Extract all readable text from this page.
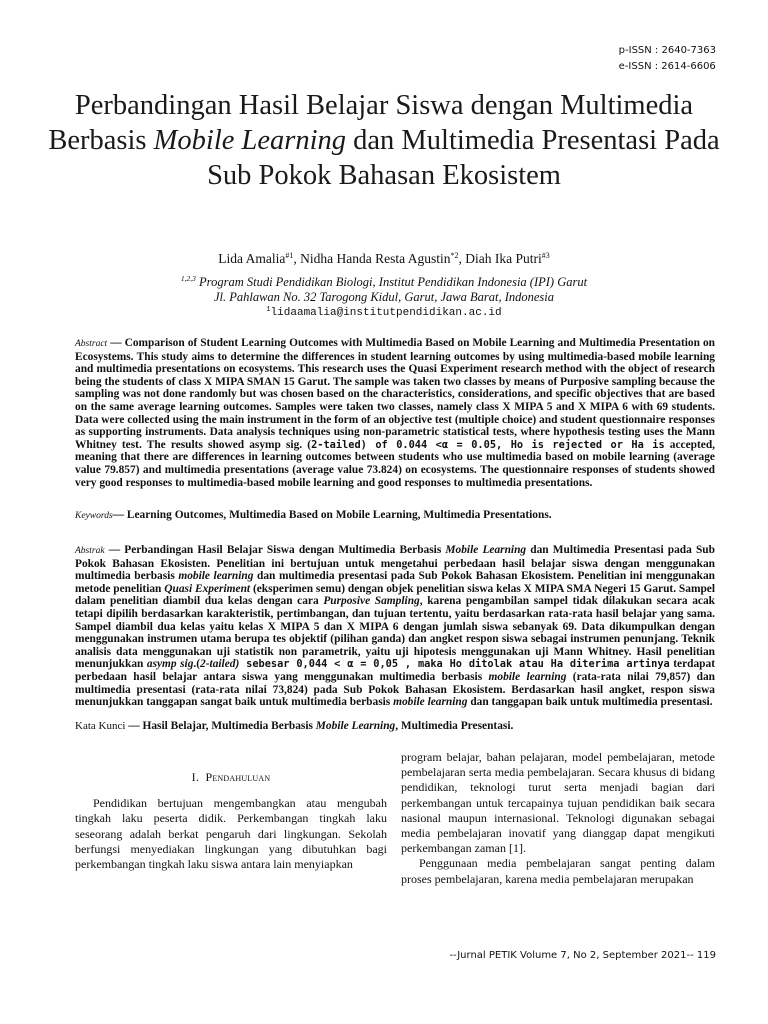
p-ISSN : 2640-7363
e-ISSN : 2614-6606
Perbandingan Hasil Belajar Siswa dengan Multimedia Berbasis Mobile Learning dan Multimedia Presentasi Pada Sub Pokok Bahasan Ekosistem
Lida Amalia$^{\#1}$, Nidha Handa Resta Agustin$^{*2}$, Diah Ika Putri$^{\#3}$
$^{1,2,3}$ Program Studi Pendidikan Biologi, Institut Pendidikan Indonesia (IPI) Garut
Jl. Pahlawan No. 32 Tarogong Kidul, Garut, Jawa Barat, Indonesia
$^1$lidaamalia@institutpendidikan.ac.id
Abstract — Comparison of Student Learning Outcomes with Multimedia Based on Mobile Learning and Multimedia Presentation on Ecosystems. This study aims to determine the differences in student learning outcomes by using multimedia-based mobile learning and multimedia presentations on ecosystems. This research uses the Quasi Experiment research method with the object of research being the students of class X MIPA SMAN 15 Garut. The sample was taken two classes by means of Purposive sampling because the sampling was not done randomly but was chosen based on the characteristics, considerations, and specific objectives that are based on the same average learning outcomes. Samples were taken two classes, namely class X MIPA 5 and X MIPA 6 with 69 students. Data were collected using the main instrument in the form of an objective test (multiple choice) and student questionnaire responses as supporting instruments. Data analysis techniques using non-parametric statistical tests, where hypothesis testing uses the Mann Whitney test. The results showed asymp sig. (2-tailed) of 0.044 <α = 0.05, Ho is rejected or Ha is accepted, meaning that there are differences in learning outcomes between students who use multimedia based on mobile learning (average value 79.857) and multimedia presentations (average value 73.824) on ecosystems. The questionnaire responses of students showed very good responses to multimedia-based mobile learning and good responses to multimedia presentations.
Keywords— Learning Outcomes, Multimedia Based on Mobile Learning, Multimedia Presentations.
Abstrak — Perbandingan Hasil Belajar Siswa dengan Multimedia Berbasis Mobile Learning dan Multimedia Presentasi pada Sub Pokok Bahasan Ekosisten. Penelitian ini bertujuan untuk mengetahui perbedaan hasil belajar siswa dengan menggunakan multimedia berbasis mobile learning dan multimedia presentasi pada Sub Pokok Bahasan Ekosistem. Penelitian ini menggunakan metode penelitian Quasi Experiment (eksperimen semu) dengan objek penelitian siswa kelas X MIPA SMA Negeri 15 Garut. Sampel dalam penelitian diambil dua kelas dengan cara Purposive Sampling, karena pengambilan sampel tidak dilakukan secara acak tetapi dipilih berdasarkan karakteristik, pertimbangan, dan tujuan tertentu, yaitu berdasarkan rata-rata hasil belajar yang sama. Sampel diambil dua kelas yaitu kelas X MIPA 5 dan X MIPA 6 dengan jumlah siswa sebanyak 69. Data dikumpulkan dengan menggunakan instrumen utama berupa tes objektif (pilihan ganda) dan angket respon siswa sebagai instrumen penunjang. Teknik analisis data menggunakan uji statistik non parametrik, yaitu uji hipotesis menggunakan uji Mann Whitney. Hasil penelitian menunjukkan asymp sig.(2-tailed) sebesar 0,044 < α = 0,05 , maka Ho ditolak atau Ha diterima artinya terdapat perbedaan hasil belajar antara siswa yang menggunakan multimedia berbasis mobile learning (rata-rata nilai 79,857) dan multimedia presentasi (rata-rata nilai 73,824) pada Sub Pokok Bahasan Ekosistem. Berdasarkan hasil angket, respon siswa menunjukkan tanggapan sangat baik untuk multimedia berbasis mobile learning dan tanggapan baik untuk multimedia presentasi.
Kata Kunci — Hasil Belajar, Multimedia Berbasis Mobile Learning, Multimedia Presentasi.
I.  Pendahuluan

Pendidikan bertujuan mengembangkan atau mengubah tingkah laku peserta didik. Perkembangan tingkah laku seseorang adalah berkat pengaruh dari lingkungan. Sekolah berfungsi menyediakan lingkungan yang dibutuhkan bagi perkembangan tingkah laku siswa antara lain menyiapkan

program belajar, bahan pelajaran, model pembelajaran, metode pembelajaran serta media pembelajaran. Secara khusus di bidang pendidikan, teknologi turut serta menjadi bagian dari perkembangan untuk tercapainya tujuan pendidikan baik secara nasional maupun internasional. Teknologi digunakan sebagai media pembelajaran inovatif yang dianggap dapat mengikuti perkembangan zaman [1].

Penggunaan media pembelajaran sangat penting dalam proses pembelajaran, karena media pembelajaran merupakan

--Jurnal PETIK Volume 7, No 2, September 2021-- 119
